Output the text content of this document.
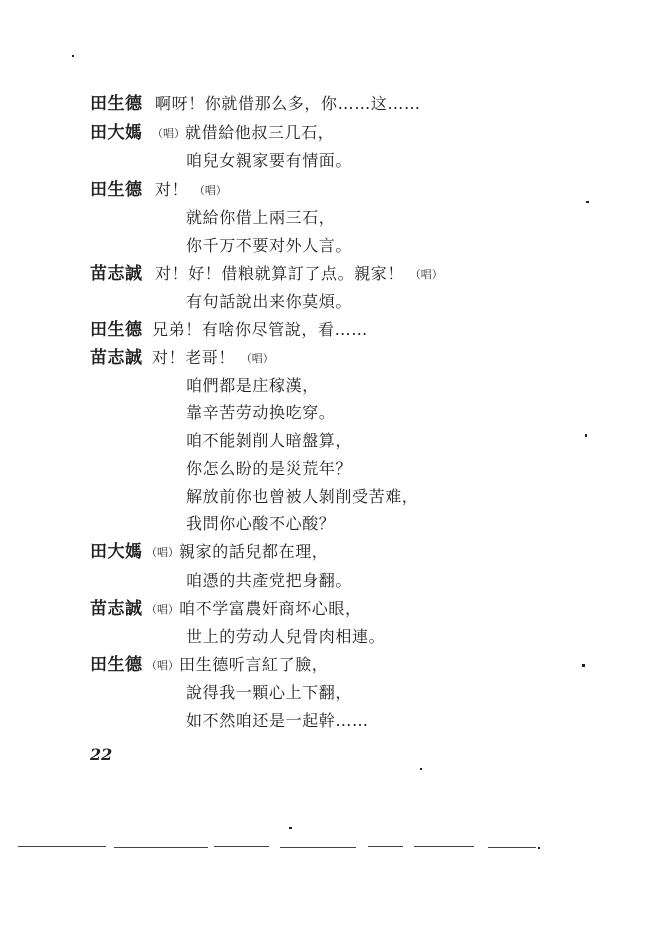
田生德 啊呀！你就借那么多，你……这……
田大媽 （唱）就借給他叔三几石，
咱兒女親家要有情面。
田生德 对！ （唱）
就給你借上兩三石，
你千万不要对外人言。
苗志誠 对！好！借粮就算訂了点。親家！ （唱）
有句話說出来你莫煩。
田生德 兄弟！有啥你尽管說，看……
苗志誠 对！老哥！ （唱）
咱們都是庄稼漢，
靠辛苦劳动换吃穿。
咱不能剝削人暗盤算，
你怎么盼的是災荒年？
解放前你也曾被人剝削受苦难，
我問你心酸不心酸？
田大媽 （唱）親家的話兒都在理，
咱憑的共產党把身翻。
苗志誠 （唱）咱不学富農奸商坏心眼，
世上的劳动人兒骨肉相連。
田生德 （唱）田生德听言紅了臉，
說得我一顆心上下翻，
如不然咱还是一起幹……
22
